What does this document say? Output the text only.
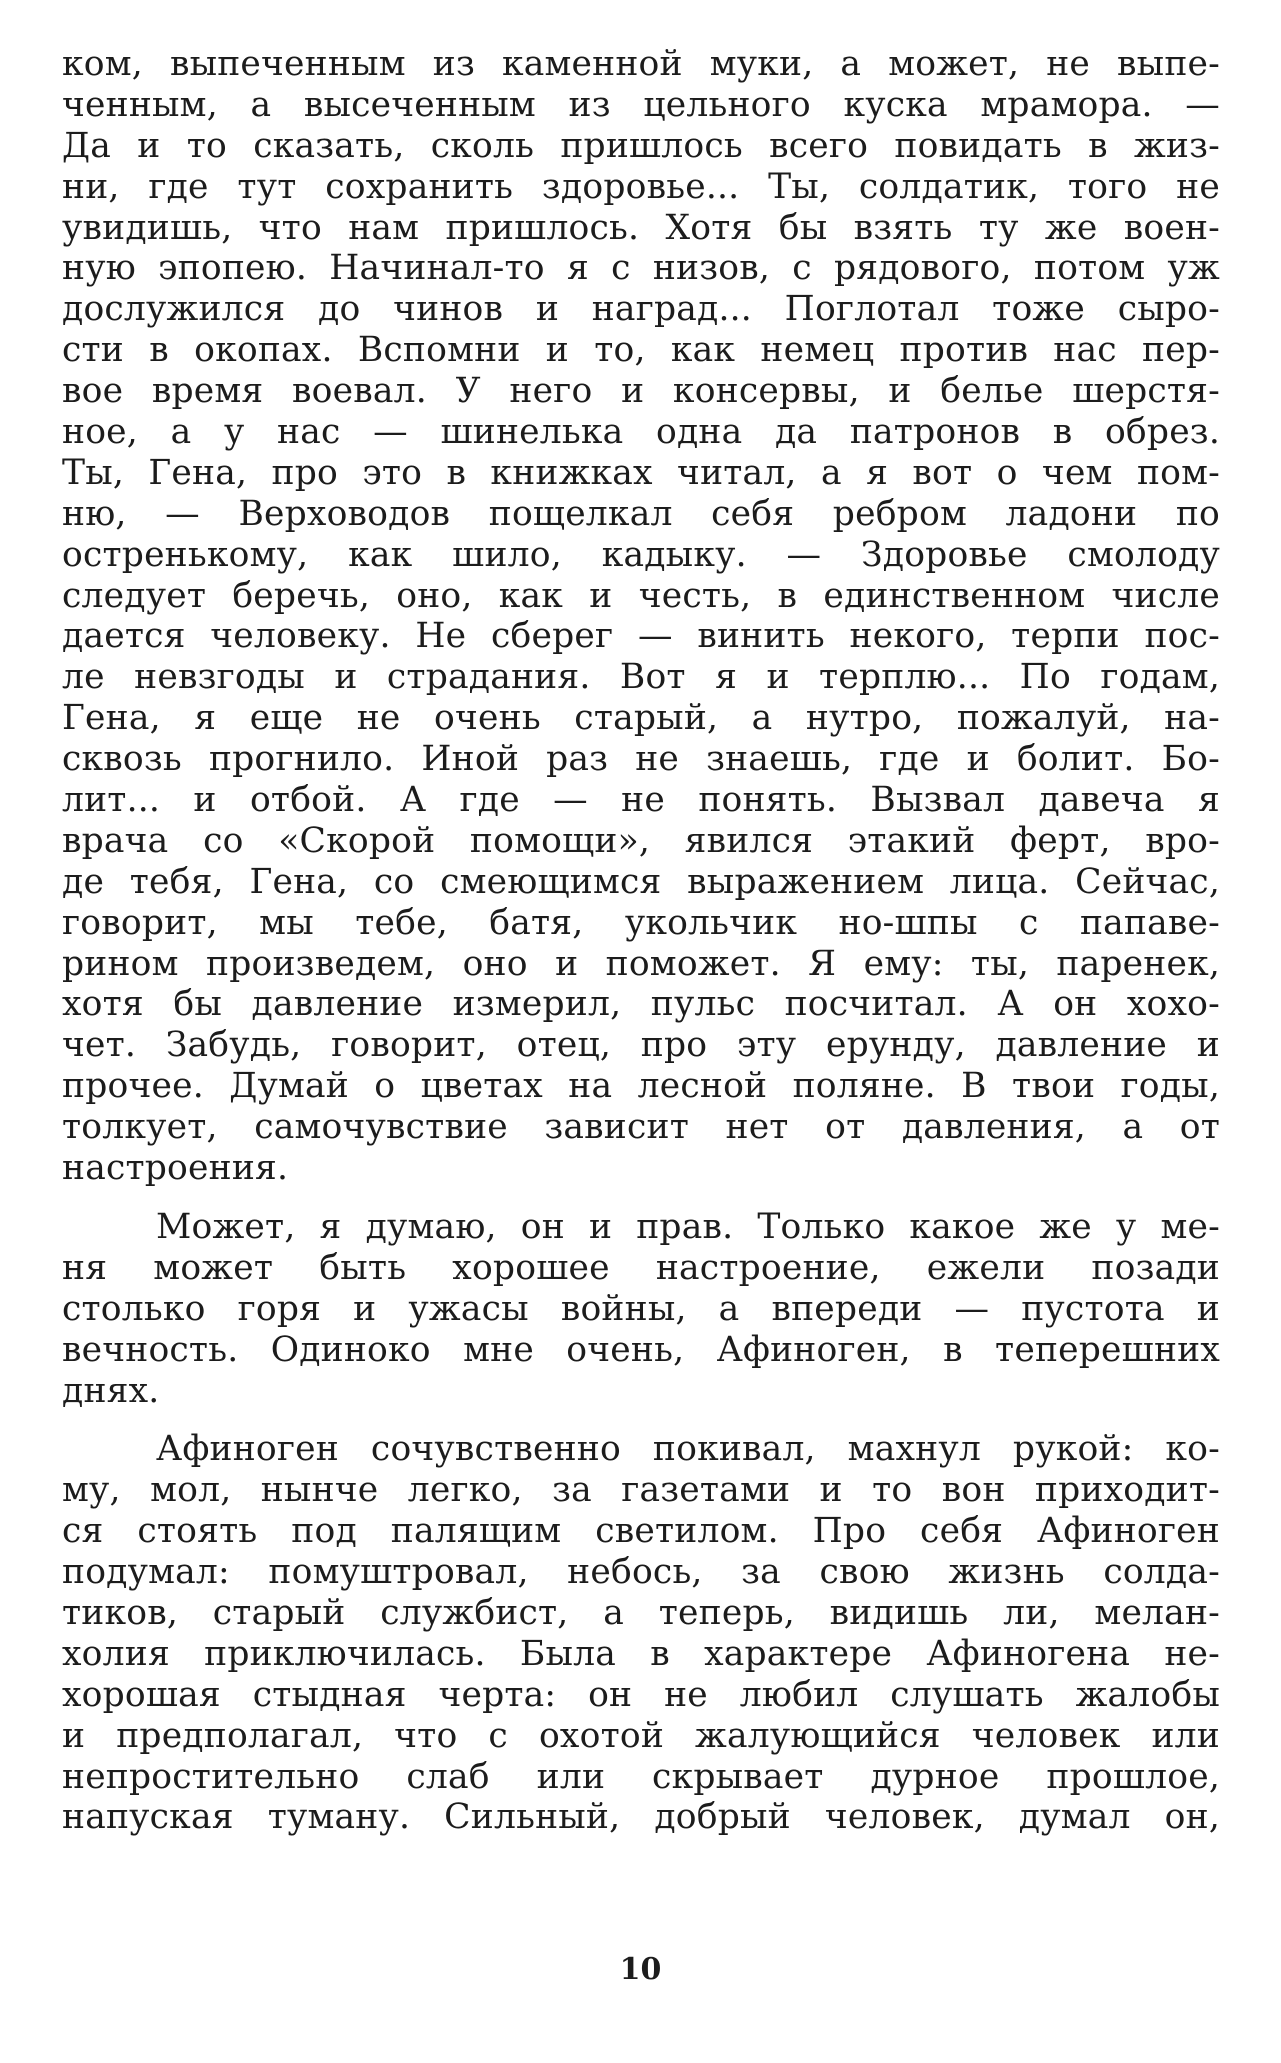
ком, выпеченным из каменной муки, а может, не выпе-
ченным, а высеченным из цельного куска мрамора. —
Да и то сказать, сколь пришлось всего повидать в жиз-
ни, где тут сохранить здоровье... Ты, солдатик, того не
увидишь, что нам пришлось. Хотя бы взять ту же воен-
ную эпопею. Начинал-то я с низов, с рядового, потом уж
дослужился до чинов и наград... Поглотал тоже сыро-
сти в окопах. Вспомни и то, как немец против нас пер-
вое время воевал. У него и консервы, и белье шерстя-
ное, а у нас — шинелька одна да патронов в обрез.
Ты, Гена, про это в книжках читал, а я вот о чем пом-
ню, — Верховодов пощелкал себя ребром ладони по
остренькому, как шило, кадыку. — Здоровье смолоду
следует беречь, оно, как и честь, в единственном числе
дается человеку. Не сберег — винить некого, терпи пос-
ле невзгоды и страдания. Вот я и терплю... По годам,
Гена, я еще не очень старый, а нутро, пожалуй, на-
сквозь прогнило. Иной раз не знаешь, где и болит. Бо-
лит... и отбой. А где — не понять. Вызвал давеча я
врача со «Скорой помощи», явился этакий ферт, вро-
де тебя, Гена, со смеющимся выражением лица. Сейчас,
говорит, мы тебе, батя, укольчик но-шпы с папаве-
рином произведем, оно и поможет. Я ему: ты, паренек,
хотя бы давление измерил, пульс посчитал. А он хохо-
чет. Забудь, говорит, отец, про эту ерунду, давление и
прочее. Думай о цветах на лесной поляне. В твои годы,
толкует, самочувствие зависит нет от давления, а от
настроения.
Может, я думаю, он и прав. Только какое же у ме-
ня может быть хорошее настроение, ежели позади
столько горя и ужасы войны, а впереди — пустота и
вечность. Одиноко мне очень, Афиноген, в теперешних
днях.
Афиноген сочувственно покивал, махнул рукой: ко-
му, мол, нынче легко, за газетами и то вон приходит-
ся стоять под палящим светилом. Про себя Афиноген
подумал: помуштровал, небось, за свою жизнь солда-
тиков, старый службист, а теперь, видишь ли, мелан-
холия приключилась. Была в характере Афиногена не-
хорошая стыдная черта: он не любил слушать жалобы
и предполагал, что с охотой жалующийся человек или
непростительно слаб или скрывает дурное прошлое,
напуская туману. Сильный, добрый человек, думал он,
10
